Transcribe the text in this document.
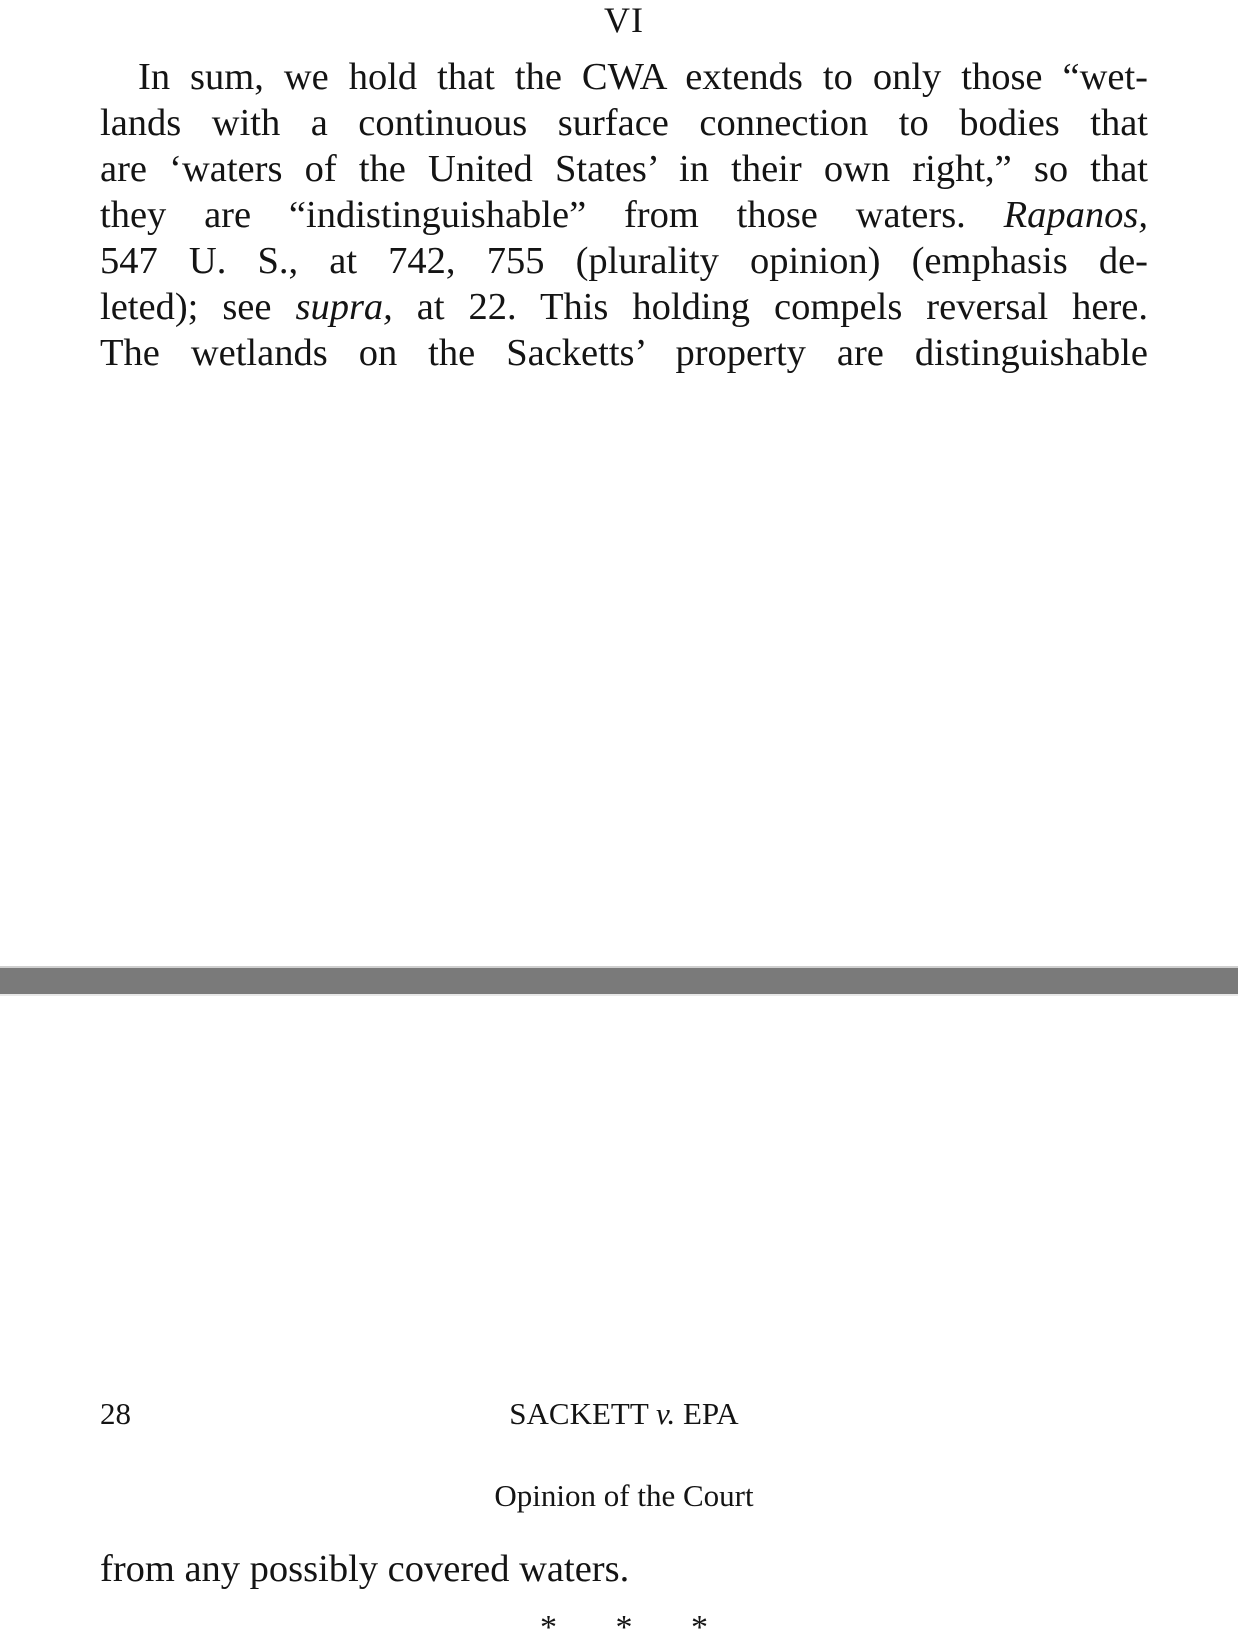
VI
In sum, we hold that the CWA extends to only those “wet-
lands with a continuous surface connection to bodies that
are ‘waters of the United States’ in their own right,” so that
they are “indistinguishable” from those waters. Rapanos,
547 U. S., at 742, 755 (plurality opinion) (emphasis de-
leted); see supra, at 22. This holding compels reversal here.
The wetlands on the Sacketts’ property are distinguishable
28	SACKETT v. EPA
Opinion of the Court
from any possibly covered waters.
* * *
